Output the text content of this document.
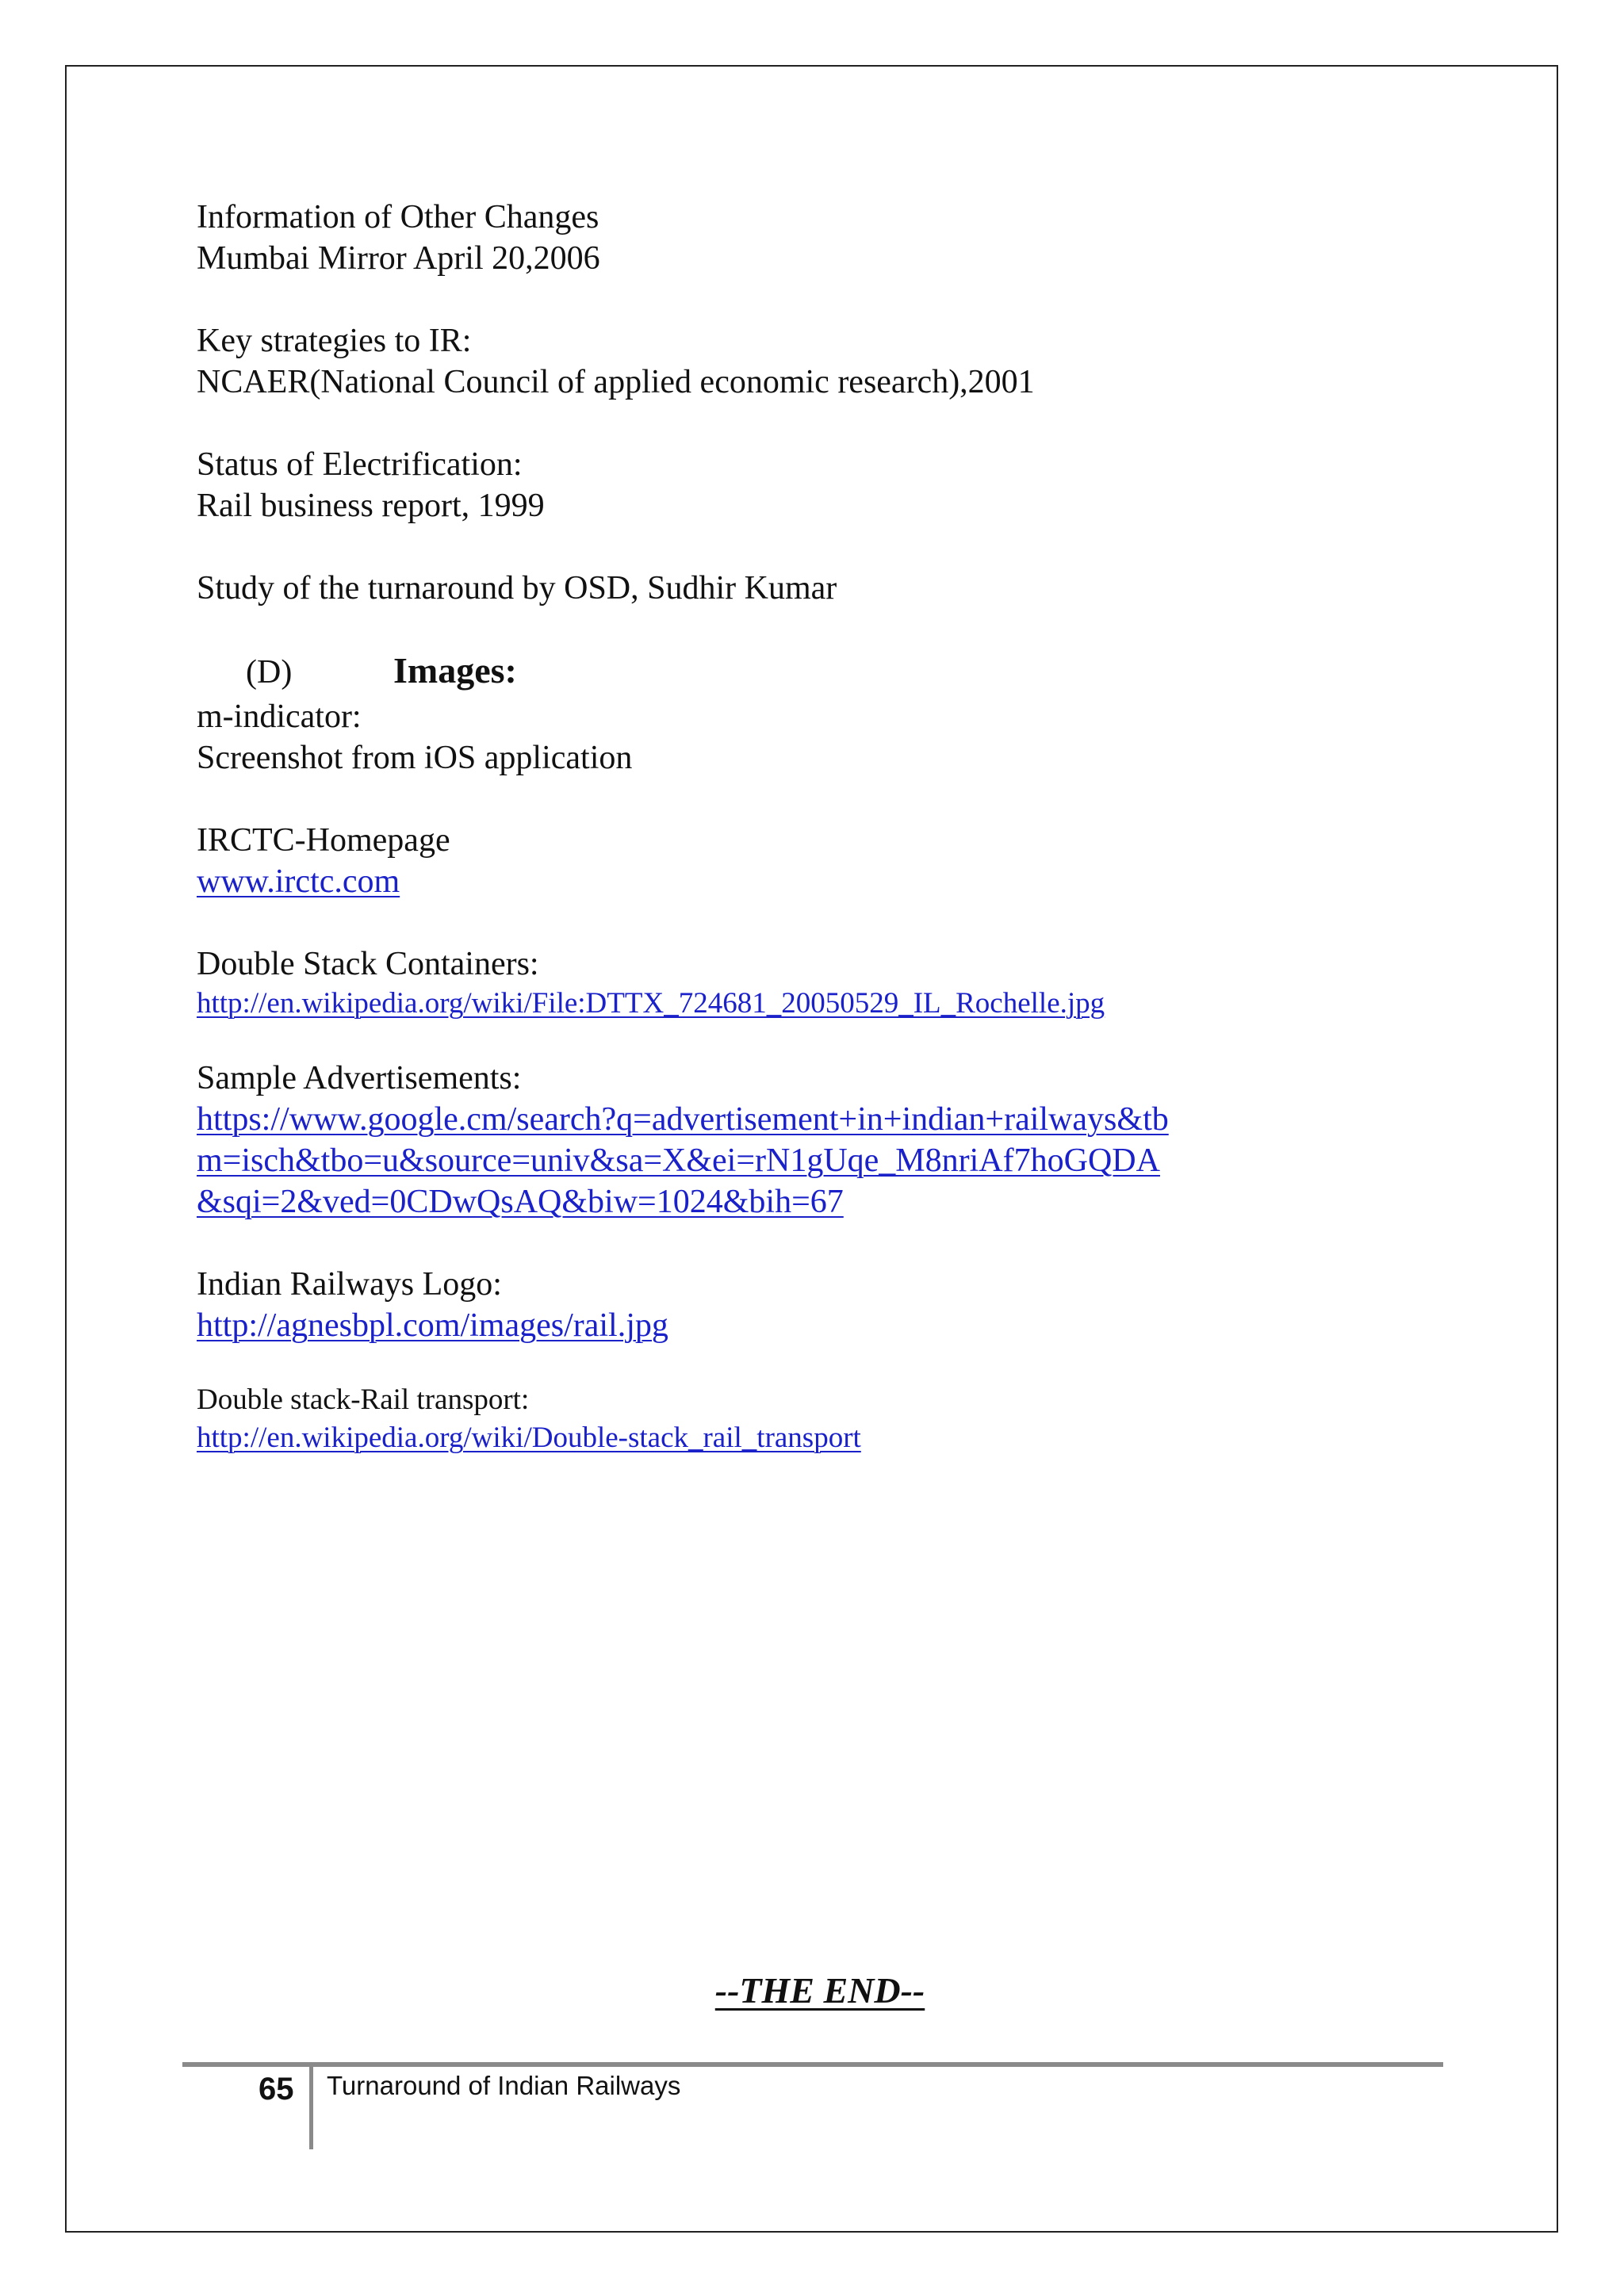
Information of Other Changes
Mumbai Mirror April 20,2006
Key strategies to IR:
NCAER(National Council of applied economic research),2001
Status of Electrification:
Rail business report, 1999
Study of the turnaround by OSD, Sudhir Kumar
(D)	Images:
m-indicator:
Screenshot from iOS application
IRCTC-Homepage
www.irctc.com
Double Stack Containers:
http://en.wikipedia.org/wiki/File:DTTX_724681_20050529_IL_Rochelle.jpg
Sample Advertisements:
https://www.google.cm/search?q=advertisement+in+indian+railways&tb
m=isch&tbo=u&source=univ&sa=X&ei=rN1gUqe_M8nriAf7hoGQDA
&sqi=2&ved=0CDwQsAQ&biw=1024&bih=67
Indian Railways Logo:
http://agnesbpl.com/images/rail.jpg
Double stack-Rail transport:
http://en.wikipedia.org/wiki/Double-stack_rail_transport
--THE END--
65 Turnaround of Indian Railways
